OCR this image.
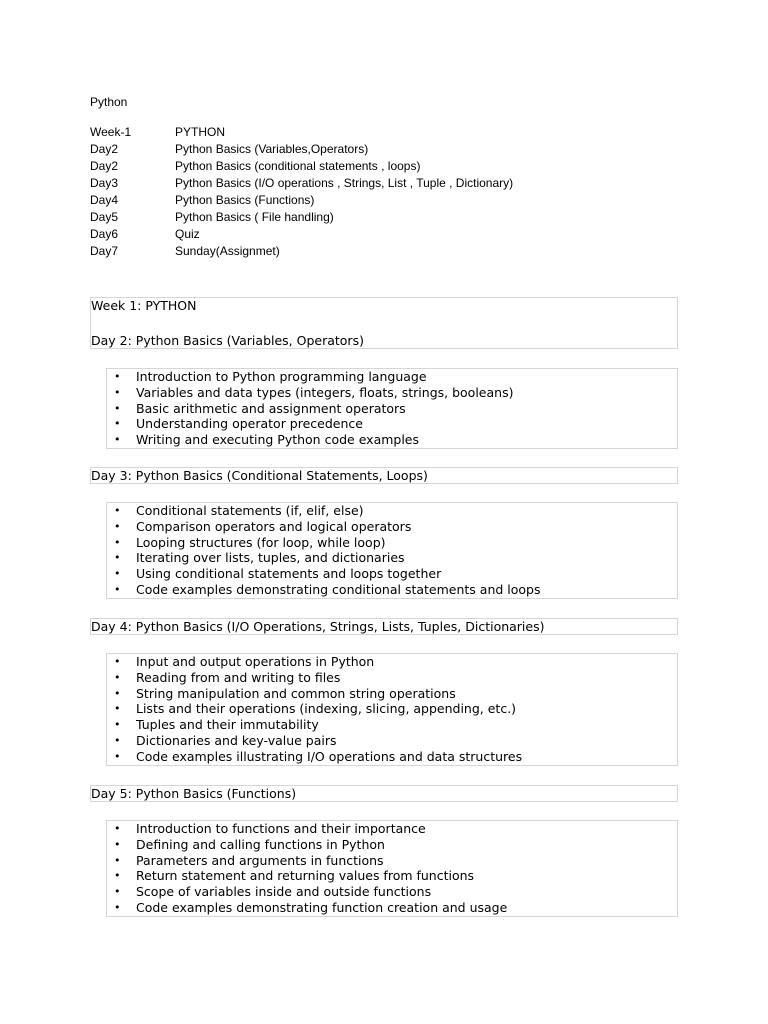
Python
Week-1	PYTHON
Day2	Python Basics (Variables,Operators)
Day2	Python Basics (conditional statements , loops)
Day3	Python Basics (I/O operations , Strings, List , Tuple , Dictionary)
Day4	Python Basics (Functions)
Day5	Python Basics ( File handling)
Day6	Quiz
Day7	Sunday(Assignmet)
Week 1: PYTHON
Day 2: Python Basics (Variables, Operators)
• Introduction to Python programming language
• Variables and data types (integers, floats, strings, booleans)
• Basic arithmetic and assignment operators
• Understanding operator precedence
• Writing and executing Python code examples
Day 3: Python Basics (Conditional Statements, Loops)
• Conditional statements (if, elif, else)
• Comparison operators and logical operators
• Looping structures (for loop, while loop)
• Iterating over lists, tuples, and dictionaries
• Using conditional statements and loops together
• Code examples demonstrating conditional statements and loops
Day 4: Python Basics (I/O Operations, Strings, Lists, Tuples, Dictionaries)
• Input and output operations in Python
• Reading from and writing to files
• String manipulation and common string operations
• Lists and their operations (indexing, slicing, appending, etc.)
• Tuples and their immutability
• Dictionaries and key-value pairs
• Code examples illustrating I/O operations and data structures
Day 5: Python Basics (Functions)
• Introduction to functions and their importance
• Defining and calling functions in Python
• Parameters and arguments in functions
• Return statement and returning values from functions
• Scope of variables inside and outside functions
• Code examples demonstrating function creation and usage
